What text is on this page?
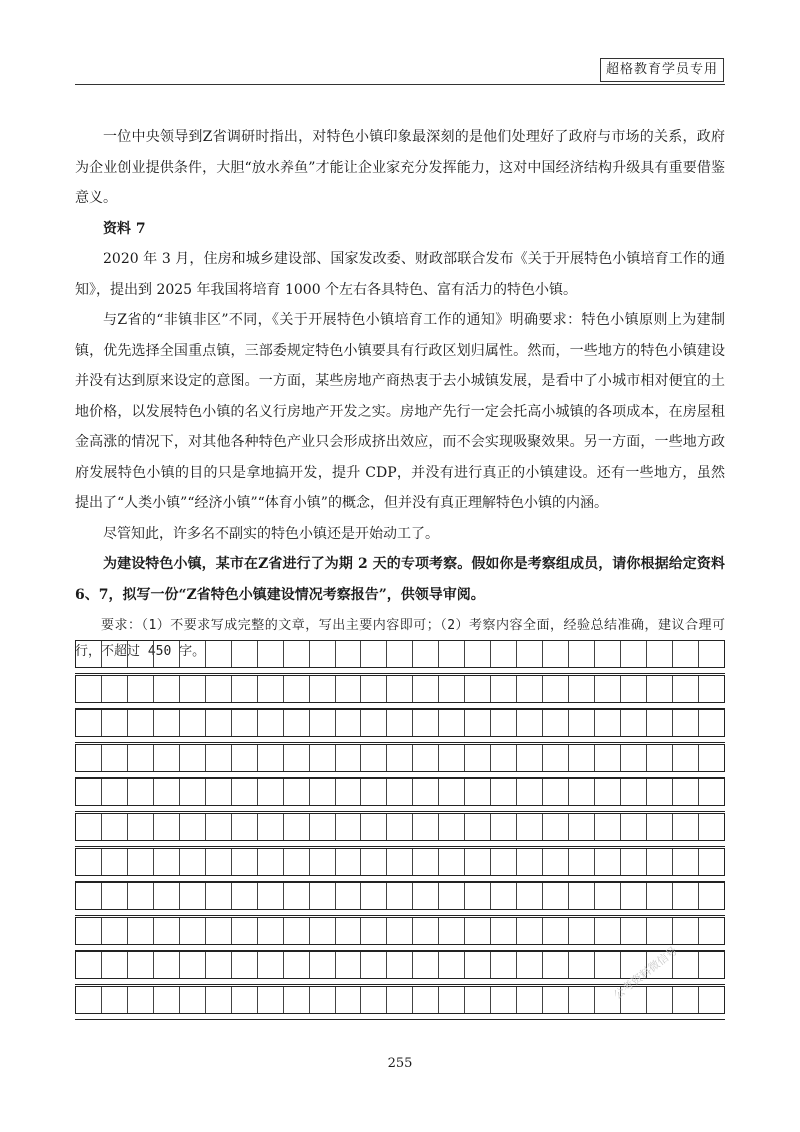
超格教育学员专用

一位中央领导到Z省调研时指出，对特色小镇印象最深刻的是他们处理好了政府与市场的关系，政府为企业创业提供条件，大胆“放水养鱼”才能让企业家充分发挥能力，这对中国经济结构升级具有重要借鉴意义。

资料 7

2020 年 3 月，住房和城乡建设部、国家发改委、财政部联合发布《关于开展特色小镇培育工作的通知》，提出到 2025 年我国将培育 1000 个左右各具特色、富有活力的特色小镇。

与Z省的“非镇非区”不同，《关于开展特色小镇培育工作的通知》明确要求：特色小镇原则上为建制镇，优先选择全国重点镇，三部委规定特色小镇要具有行政区划归属性。然而，一些地方的特色小镇建设并没有达到原来设定的意图。一方面，某些房地产商热衷于去小城镇发展，是看中了小城市相对便宜的土地价格，以发展特色小镇的名义行房地产开发之实。房地产先行一定会托高小城镇的各项成本，在房屋租金高涨的情况下，对其他各种特色产业只会形成挤出效应，而不会实现吸聚效果。另一方面，一些地方政府发展特色小镇的目的只是拿地搞开发，提升 CDP，并没有进行真正的小镇建设。还有一些地方，虽然提出了“人类小镇”“经济小镇”“体育小镇”的概念，但并没有真正理解特色小镇的内涵。

尽管知此，许多名不副实的特色小镇还是开始动工了。

为建设特色小镇，某市在Z省进行了为期 2 天的专项考察。假如你是考察组成员，请你根据给定资料 6、7，拟写一份“Z省特色小镇建设情况考察报告”，供领导审阅。

要求：（1）不要求写成完整的文章，写出主要内容即可；（2）考察内容全面，经验总结准确，建议合理可行，不超过 450 字。

255
公考资料微信号
